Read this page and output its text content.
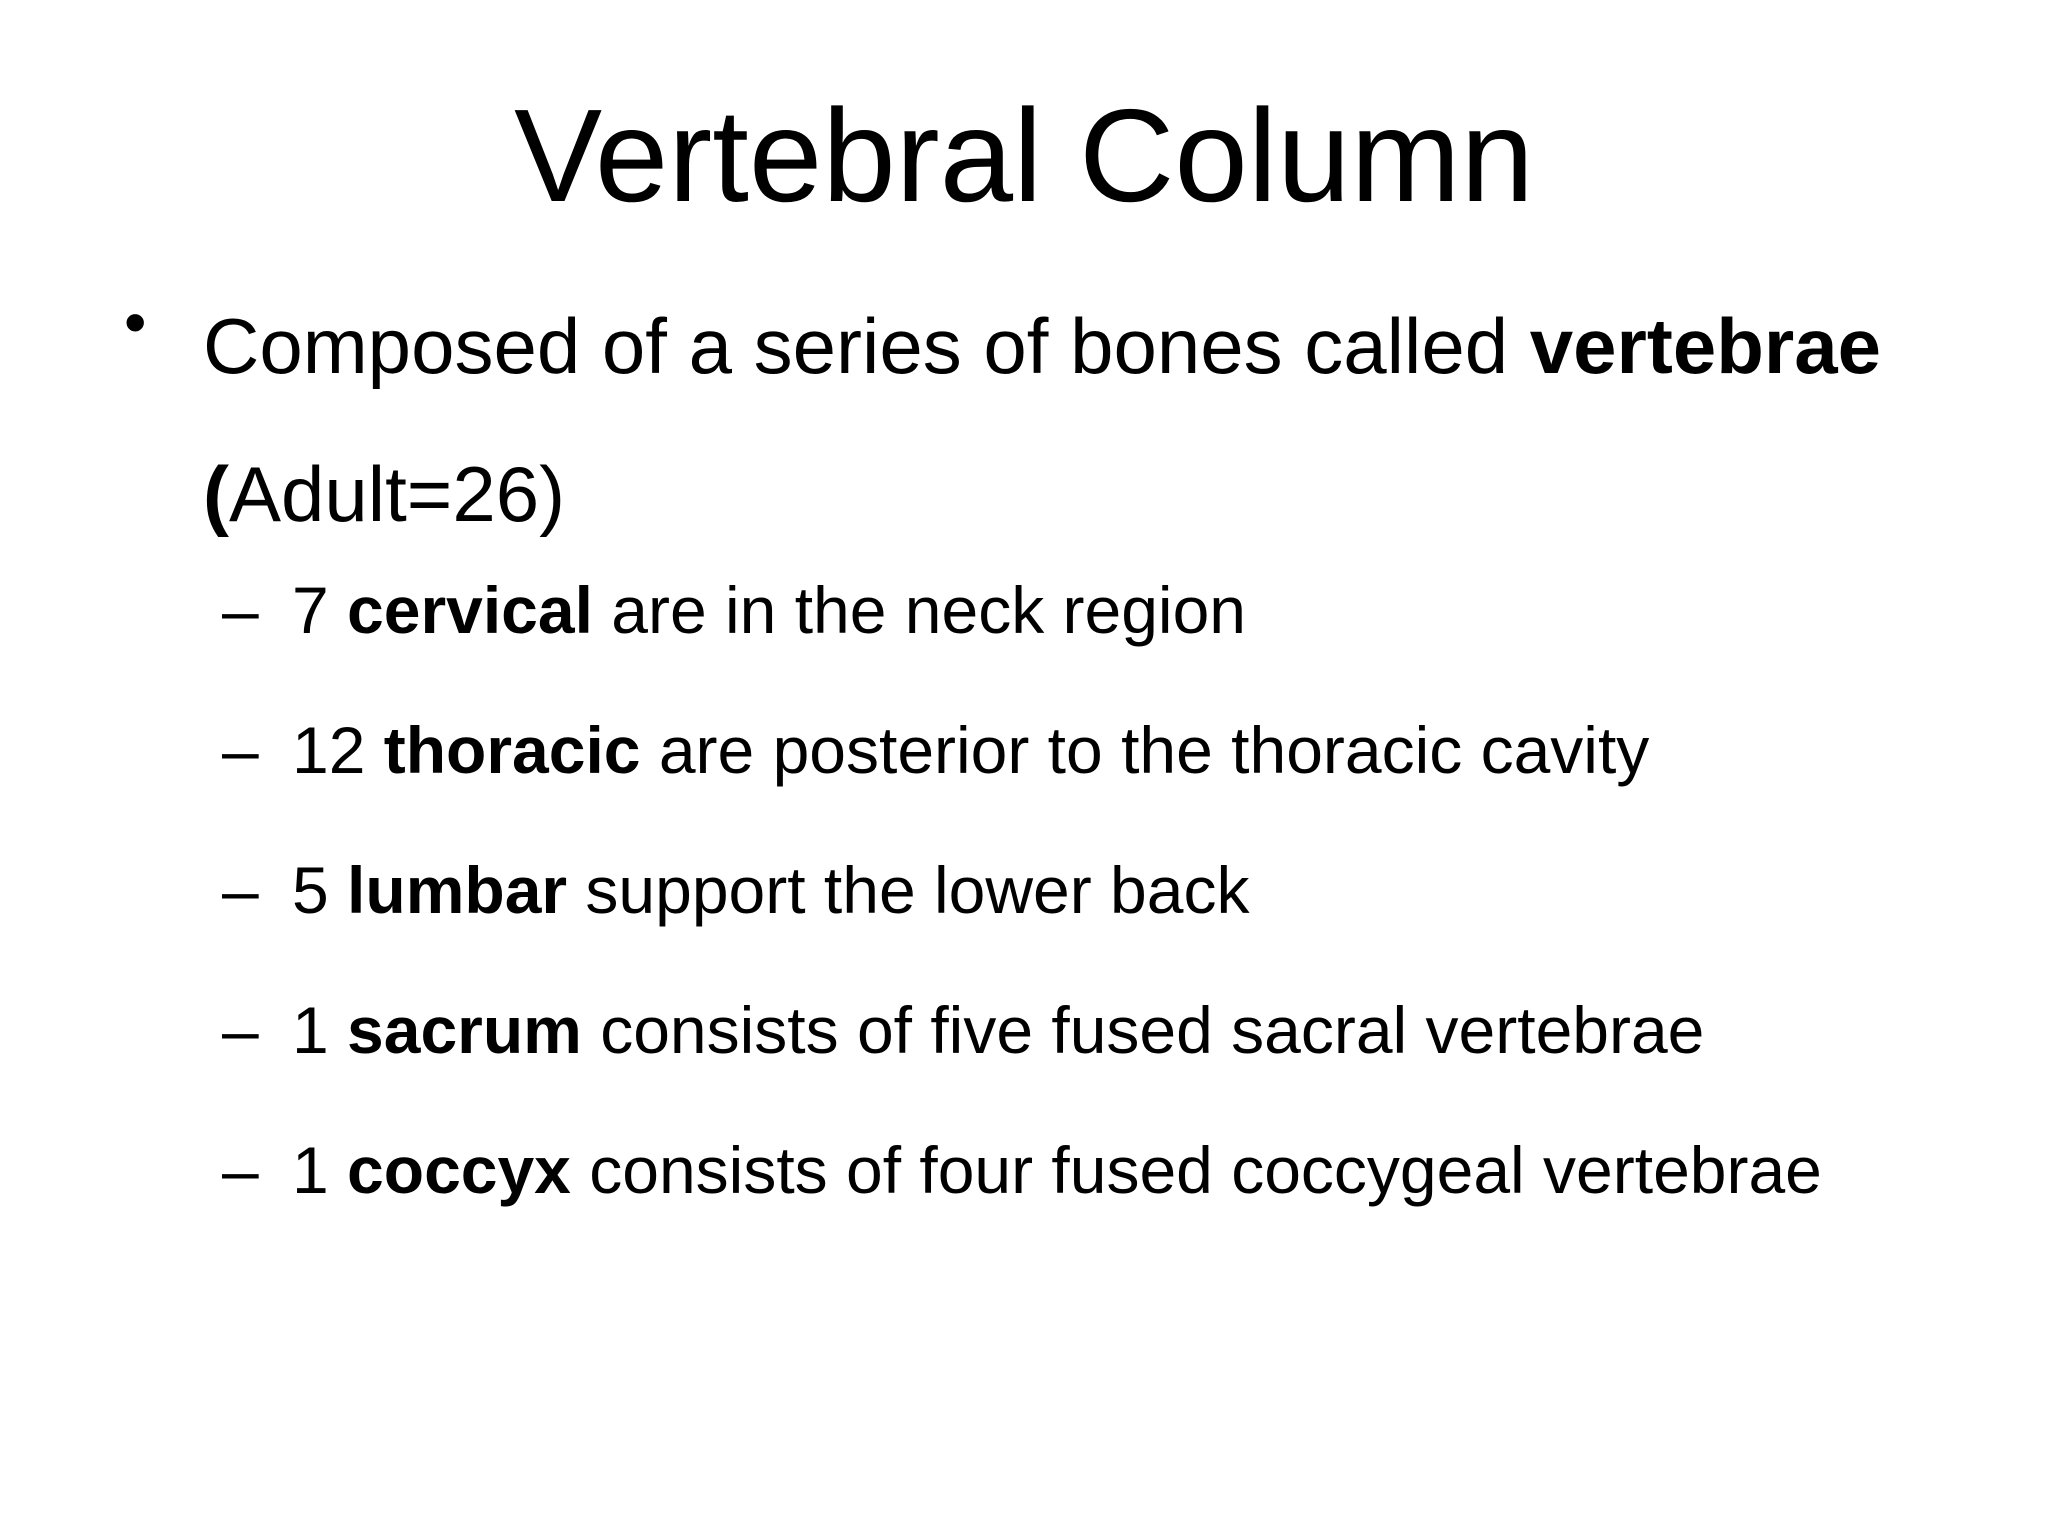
Vertebral Column
• Composed of a series of bones called vertebrae
(Adult=26)
– 7 cervical are in the neck region
– 12 thoracic are posterior to the thoracic cavity
– 5 lumbar support the lower back
– 1 sacrum consists of five fused sacral vertebrae
– 1 coccyx consists of four fused coccygeal vertebrae
